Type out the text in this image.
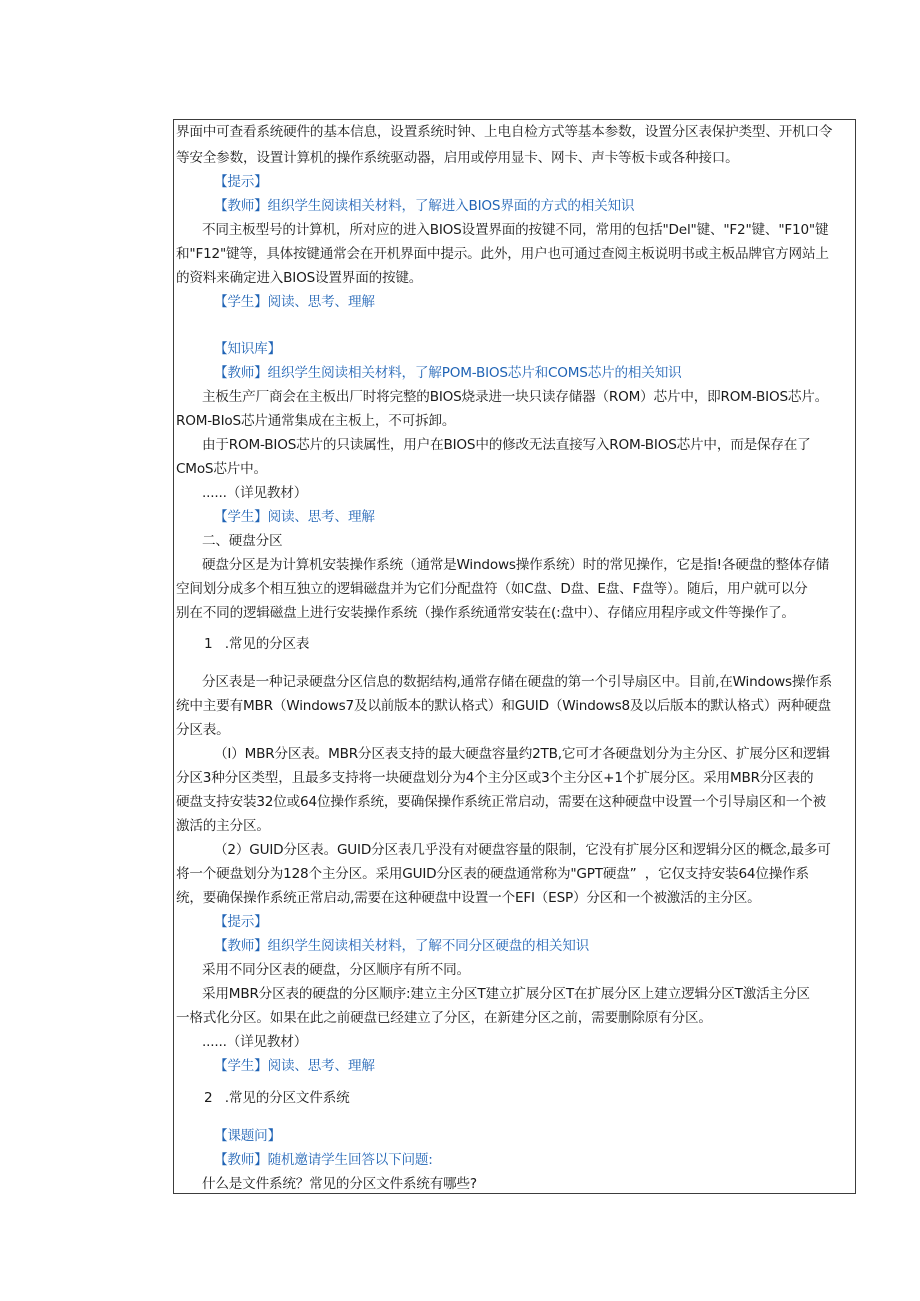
界面中可查看系统硬件的基本信息，设置系统时钟、上电自检方式等基本参数，设置分区表保护类型、开机口令
等安全参数，设置计算机的操作系统驱动器，启用或停用显卡、网卡、声卡等板卡或各种接口。
【提示】
【教师】组织学生阅读相关材料，了解进入BIOS界面的方式的相关知识
不同主板型号的计算机，所对应的进入BIOS设置界面的按键不同，常用的包括"Del"键、"F2"键、"F10"键
和"F12"键等，具体按键通常会在开机界面中提示。此外，用户也可通过查阅主板说明书或主板品牌官方网站上
的资料来确定进入BIOS设置界面的按键。
【学生】阅读、思考、理解
【知识库】
【教师】组织学生阅读相关材料，了解POM-BIOS芯片和COMS芯片的相关知识
主板生产厂商会在主板出厂时将完整的BIOS烧录进一块只读存储器（ROM）芯片中，即ROM-BIOS芯片。
ROM-BIoS芯片通常集成在主板上，不可拆卸。
由于ROM-BIOS芯片的只读属性，用户在BIOS中的修改无法直接写入ROM-BIOS芯片中，而是保存在了
CMoS芯片中。
......（详见教材）
【学生】阅读、思考、理解
二、硬盘分区
硬盘分区是为计算机安装操作系统（通常是Windows操作系统）时的常见操作，它是指!各硬盘的整体存储
空间划分成多个相互独立的逻辑磁盘并为它们分配盘符（如C盘、D盘、E盘、F盘等）。随后，用户就可以分
别在不同的逻辑磁盘上进行安装操作系统（操作系统通常安装在(:盘中）、存储应用程序或文件等操作了。
1   .常见的分区表
分区表是一种记录硬盘分区信息的数据结构,通常存储在硬盘的第一个引导扇区中。目前,在Windows操作系
统中主要有MBR（Windows7及以前版本的默认格式）和GUID（Windows8及以后版本的默认格式）两种硬盘
分区表。
（I）MBR分区表。MBR分区表支持的最大硬盘容量约2TB,它可才各硬盘划分为主分区、扩展分区和逻辑
分区3种分区类型，且最多支持将一块硬盘划分为4个主分区或3个主分区+1个扩展分区。采用MBR分区表的
硬盘支持安装32位或64位操作系统，要确保操作系统正常启动，需要在这种硬盘中设置一个引导扇区和一个被
激活的主分区。
（2）GUID分区表。GUID分区表几乎没有对硬盘容量的限制，它没有扩展分区和逻辑分区的概念,最多可
将一个硬盘划分为128个主分区。采用GUID分区表的硬盘通常称为"GPT硬盘”  ，它仅支持安装64位操作系
统，要确保操作系统正常启动,需要在这种硬盘中设置一个EFI（ESP）分区和一个被激活的主分区。
【提示】
【教师】组织学生阅读相关材料，了解不同分区硬盘的相关知识
采用不同分区表的硬盘，分区顺序有所不同。
采用MBR分区表的硬盘的分区顺序:建立主分区T建立扩展分区T在扩展分区上建立逻辑分区T激活主分区
一格式化分区。如果在此之前硬盘已经建立了分区，在新建分区之前，需要删除原有分区。
......（详见教材）
【学生】阅读、思考、理解
2   .常见的分区文件系统
【课题问】
【教师】随机邀请学生回答以下问题:
什么是文件系统？常见的分区文件系统有哪些?
